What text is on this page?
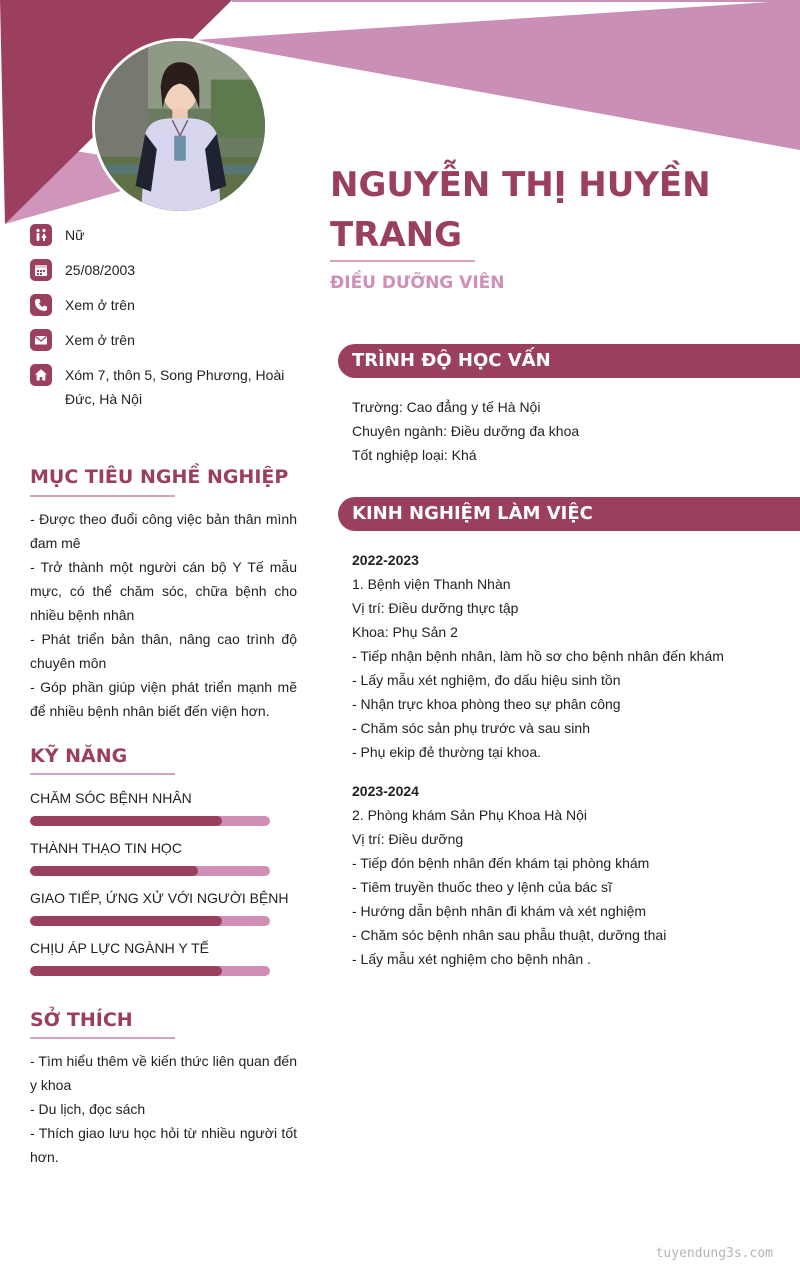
NGUYỄN THỊ HUYỀN TRANG
ĐIỀU DƯỠNG VIÊN
Nữ
25/08/2003
Xem ở trên
Xem ở trên
Xóm 7, thôn 5, Song Phương, Hoài Đức, Hà Nội
MỤC TIÊU NGHỀ NGHIỆP
- Được theo đuổi công việc bản thân mình đam mê
- Trở thành một người cán bộ Y Tế mẫu mực, có thể chăm sóc, chữa bệnh cho nhiều bệnh nhân
- Phát triển bản thân, nâng cao trình độ chuyên môn
- Góp phần giúp viện phát triển mạnh mẽ để nhiều bệnh nhân biết đến viện hơn.
KỸ NĂNG
CHĂM SÓC BỆNH NHÂN
THÀNH THẠO TIN HỌC
GIAO TIẾP, ỨNG XỬ VỚI NGƯỜI BỆNH
CHỊU ÁP LỰC NGÀNH Y TẾ
SỞ THÍCH
- Tìm hiểu thêm về kiến thức liên quan đến y khoa
- Du lịch, đọc sách
- Thích giao lưu học hỏi từ nhiều người tốt hơn.
TRÌNH ĐỘ HỌC VẤN
Trường: Cao đẳng y tế Hà Nội
Chuyên ngành: Điều dưỡng đa khoa
Tốt nghiệp loại: Khá
KINH NGHIỆM LÀM VIỆC
2022-2023
1. Bệnh viện Thanh Nhàn
Vị trí: Điều dưỡng thực tập
Khoa: Phụ Sản 2
- Tiếp nhận bệnh nhân, làm hồ sơ cho bệnh nhân đến khám
- Lấy mẫu xét nghiệm, đo dấu hiệu sinh tồn
- Nhận trực khoa phòng theo sự phân công
- Chăm sóc sản phụ trước và sau sinh
- Phụ ekip đẻ thường tại khoa.
2023-2024
2. Phòng khám Sản Phụ Khoa Hà Nội
Vị trí: Điều dưỡng
- Tiếp đón bệnh nhân đến khám tại phòng khám
- Tiêm truyền thuốc theo y lệnh của bác sĩ
- Hướng dẫn bệnh nhân đi khám và xét nghiệm
- Chăm sóc bệnh nhân sau phẫu thuật, dưỡng thai
- Lấy mẫu xét nghiệm cho bệnh nhân .
tuyendung3s.com
